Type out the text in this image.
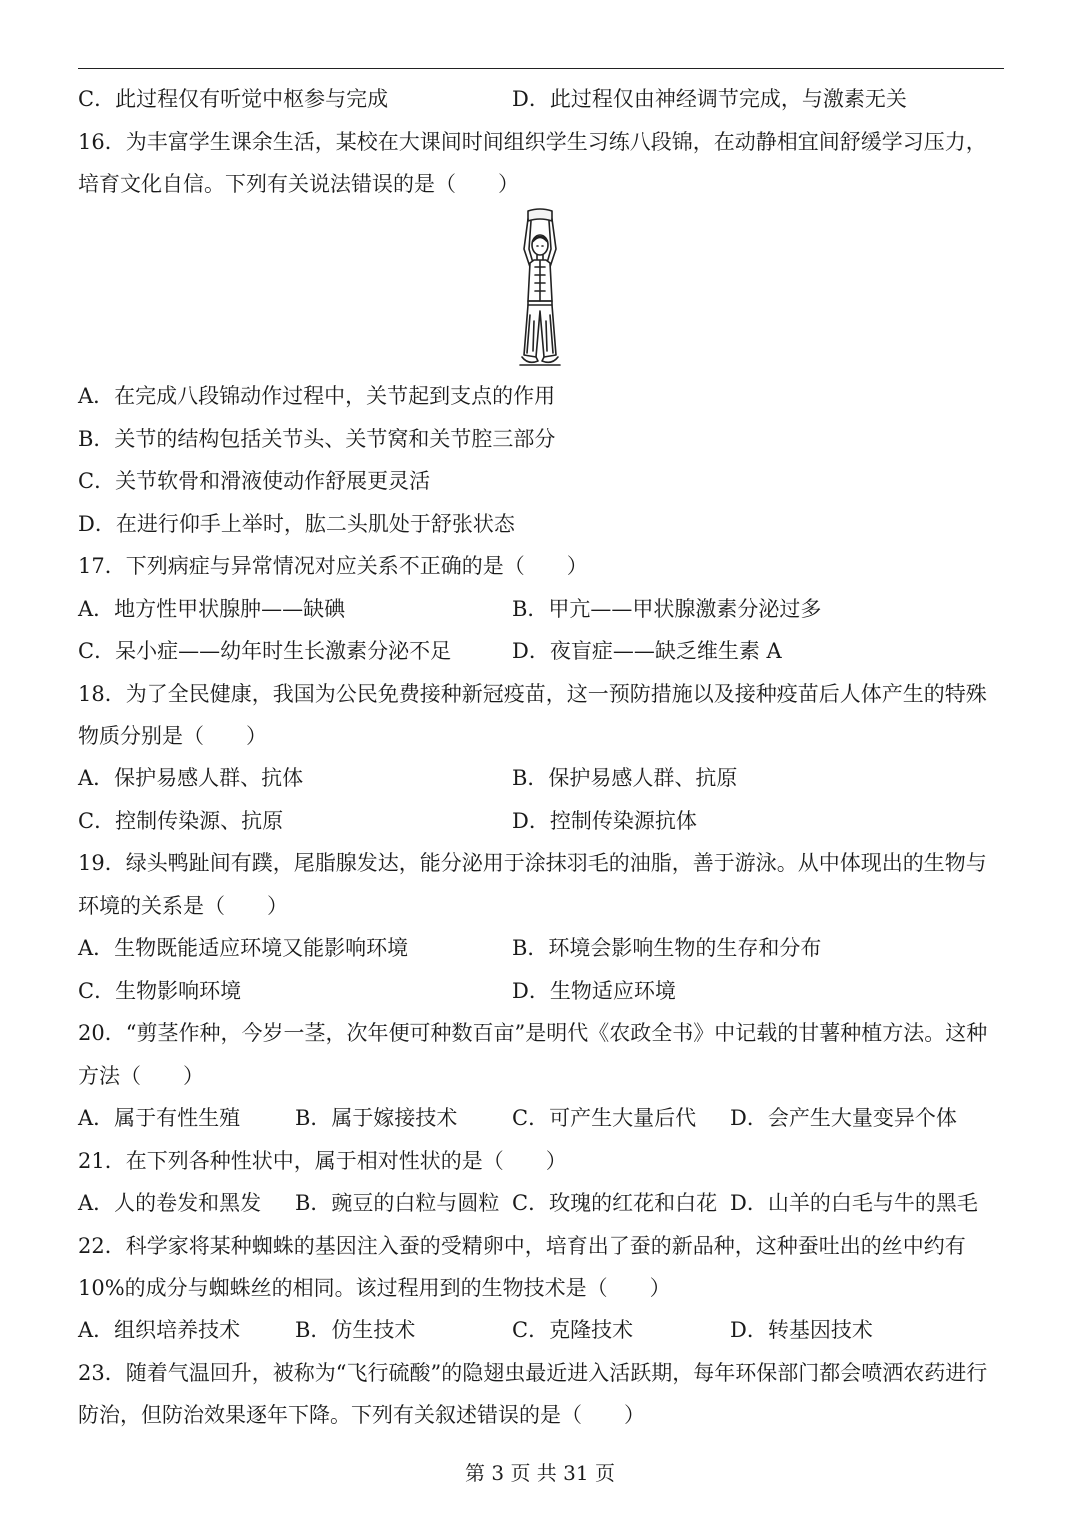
C．此过程仅有听觉中枢参与完成	D．此过程仅由神经调节完成，与激素无关
16．为丰富学生课余生活，某校在大课间时间组织学生习练八段锦，在动静相宜间舒缓学习压力，
培育文化自信。下列有关说法错误的是（　　）
A．在完成八段锦动作过程中，关节起到支点的作用
B．关节的结构包括关节头、关节窝和关节腔三部分
C．关节软骨和滑液使动作舒展更灵活
D．在进行仰手上举时，肱二头肌处于舒张状态
17．下列病症与异常情况对应关系不正确的是（　　）
A．地方性甲状腺肿——缺碘	B．甲亢——甲状腺激素分泌过多
C．呆小症——幼年时生长激素分泌不足	D．夜盲症——缺乏维生素 A
18．为了全民健康，我国为公民免费接种新冠疫苗，这一预防措施以及接种疫苗后人体产生的特殊
物质分别是（　　）
A．保护易感人群、抗体	B．保护易感人群、抗原
C．控制传染源、抗原	D．控制传染源抗体
19．绿头鸭趾间有蹼，尾脂腺发达，能分泌用于涂抹羽毛的油脂，善于游泳。从中体现出的生物与
环境的关系是（　　）
A．生物既能适应环境又能影响环境	B．环境会影响生物的生存和分布
C．生物影响环境	D．生物适应环境
20．“剪茎作种，今岁一茎，次年便可种数百亩”是明代《农政全书》中记载的甘薯种植方法。这种
方法（　　）
A．属于有性生殖	B．属于嫁接技术	C．可产生大量后代 D．会产生大量变异个体
21．在下列各种性状中，属于相对性状的是（　　）
A．人的卷发和黑发 B．豌豆的白粒与圆粒 C．玫瑰的红花和白花 D．山羊的白毛与牛的黑毛
22．科学家将某种蜘蛛的基因注入蚕的受精卵中，培育出了蚕的新品种，这种蚕吐出的丝中约有
10%的成分与蜘蛛丝的相同。该过程用到的生物技术是（　　）
A．组织培养技术	B．仿生技术	C．克隆技术	D．转基因技术
23．随着气温回升，被称为“飞行硫酸”的隐翅虫最近进入活跃期，每年环保部门都会喷洒农药进行
防治，但防治效果逐年下降。下列有关叙述错误的是（　　）
第 3 页 共 31 页
